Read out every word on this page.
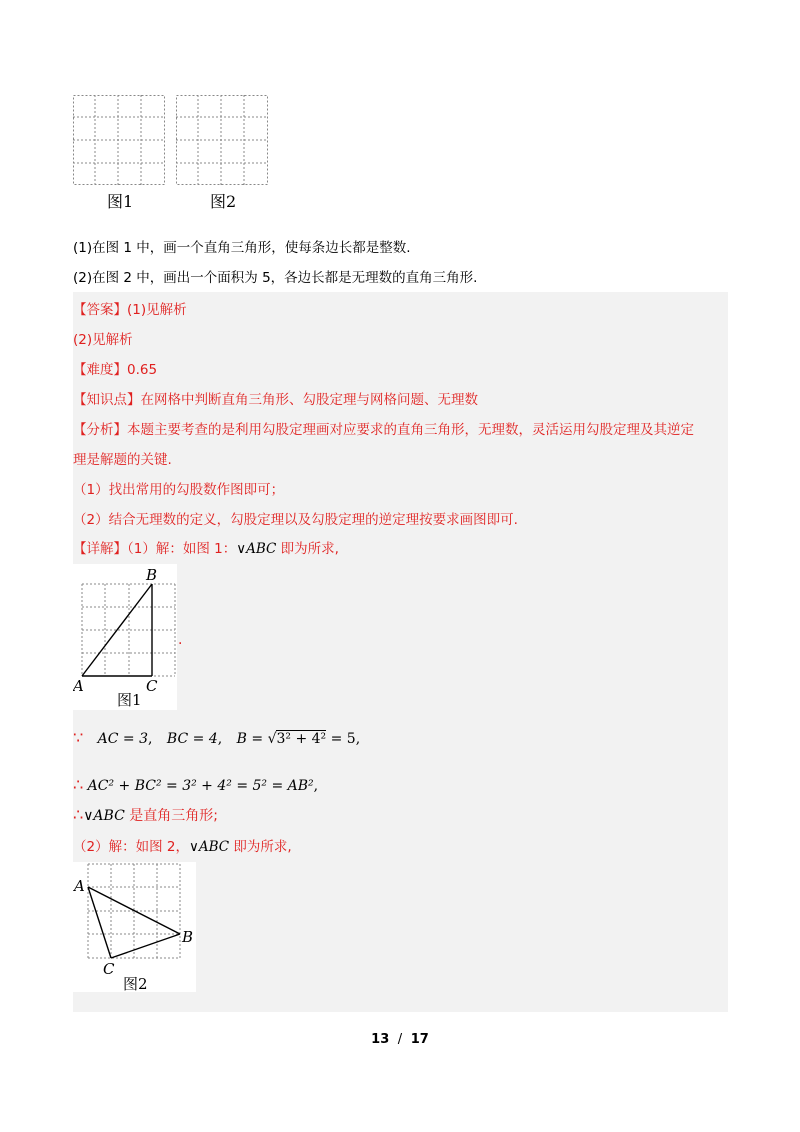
图1	图2
(1)在图 1 中，画一个直角三角形，使每条边长都是整数.
(2)在图 2 中，画出一个面积为 5，各边长都是无理数的直角三角形.
【答案】(1)见解析
(2)见解析
【难度】0.65
【知识点】在网格中判断直角三角形、勾股定理与网格问题、无理数
【分析】本题主要考查的是利用勾股定理画对应要求的直角三角形，无理数，灵活运用勾股定理及其逆定
理是解题的关键.
（1）找出常用的勾股数作图即可；
（2）结合无理数的定义，勾股定理以及勾股定理的逆定理按要求画图即可.
【详解】（1）解：如图 1：∨ABC 即为所求,
A
B
C
图1
.
∵ AC = 3, BC = 4, B = √3² + 4² = 5,
∴ AC² + BC² = 3² + 4² = 5² = AB²,
∴∨ABC 是直角三角形;
（2）解：如图 2，∨ABC 即为所求,
A
B
C
图2
13 / 17
